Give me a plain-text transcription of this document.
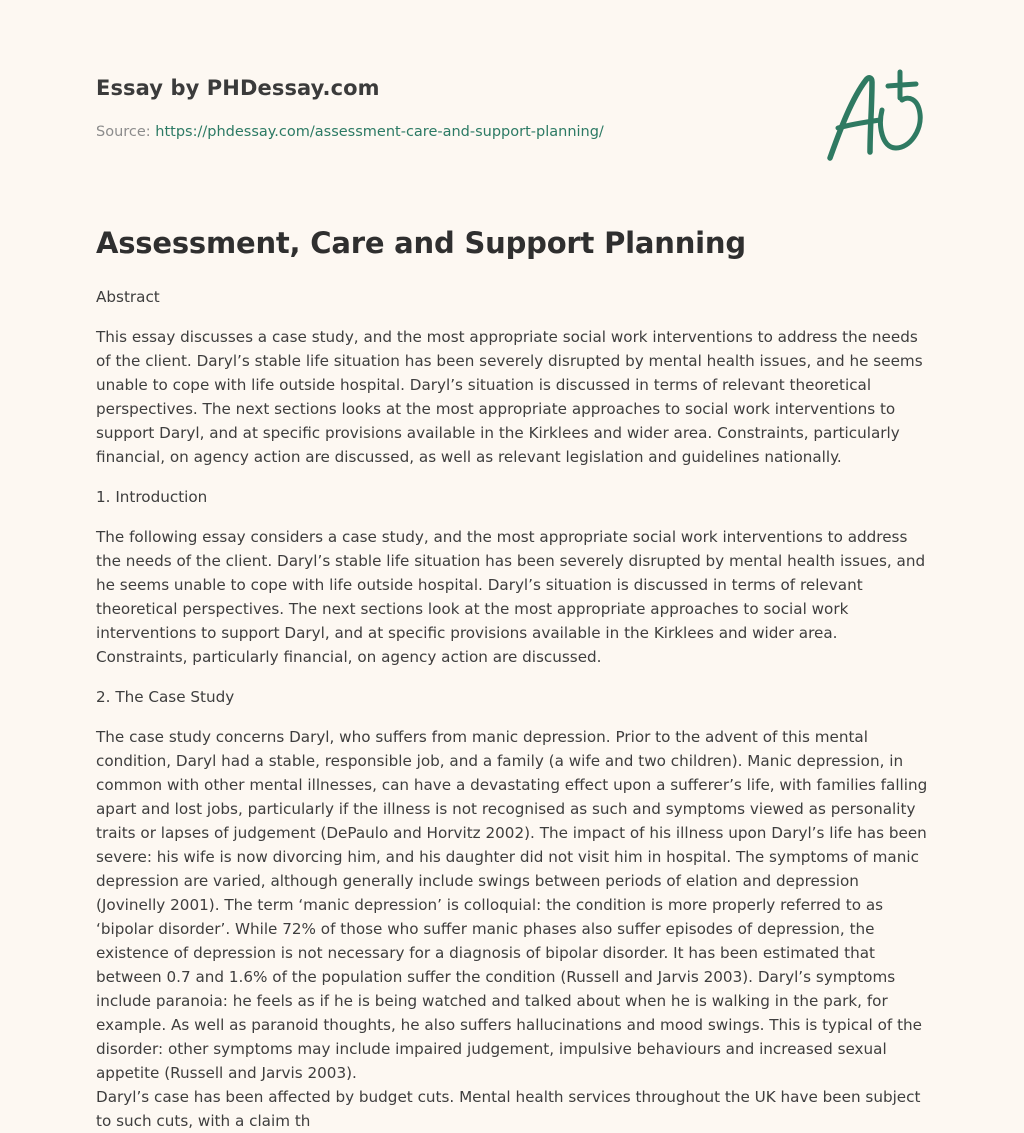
Essay by PHDessay.com
Source: https://phdessay.com/assessment-care-and-support-planning/
Assessment, Care and Support Planning

Abstract

This essay discusses a case study, and the most appropriate social work interventions to address the needs of the client. Daryl’s stable life situation has been severely disrupted by mental health issues, and he seems unable to cope with life outside hospital. Daryl’s situation is discussed in terms of relevant theoretical perspectives. The next sections looks at the most appropriate approaches to social work interventions to support Daryl, and at specific provisions available in the Kirklees and wider area. Constraints, particularly financial, on agency action are discussed, as well as relevant legislation and guidelines nationally.

1. Introduction

The following essay considers a case study, and the most appropriate social work interventions to address the needs of the client. Daryl’s stable life situation has been severely disrupted by mental health issues, and he seems unable to cope with life outside hospital. Daryl’s situation is discussed in terms of relevant theoretical perspectives. The next sections look at the most appropriate approaches to social work interventions to support Daryl, and at specific provisions available in the Kirklees and wider area. Constraints, particularly financial, on agency action are discussed.

2. The Case Study

The case study concerns Daryl, who suffers from manic depression. Prior to the advent of this mental condition, Daryl had a stable, responsible job, and a family (a wife and two children). Manic depression, in common with other mental illnesses, can have a devastating effect upon a sufferer’s life, with families falling apart and lost jobs, particularly if the illness is not recognised as such and symptoms viewed as personality traits or lapses of judgement (DePaulo and Horvitz 2002). The impact of his illness upon Daryl’s life has been severe: his wife is now divorcing him, and his daughter did not visit him in hospital. The symptoms of manic depression are varied, although generally include swings between periods of elation and depression (Jovinelly 2001). The term ‘manic depression’ is colloquial: the condition is more properly referred to as ‘bipolar disorder’. While 72% of those who suffer manic phases also suffer episodes of depression, the existence of depression is not necessary for a diagnosis of bipolar disorder. It has been estimated that between 0.7 and 1.6% of the population suffer the condition (Russell and Jarvis 2003). Daryl’s symptoms include paranoia: he feels as if he is being watched and talked about when he is walking in the park, for example. As well as paranoid thoughts, he also suffers hallucinations and mood swings. This is typical of the disorder: other symptoms may include impaired judgement, impulsive behaviours and increased sexual appetite (Russell and Jarvis 2003).

Daryl’s case has been affected by budget cuts. Mental health services throughout the UK have been subject to such cuts, with a claim th
